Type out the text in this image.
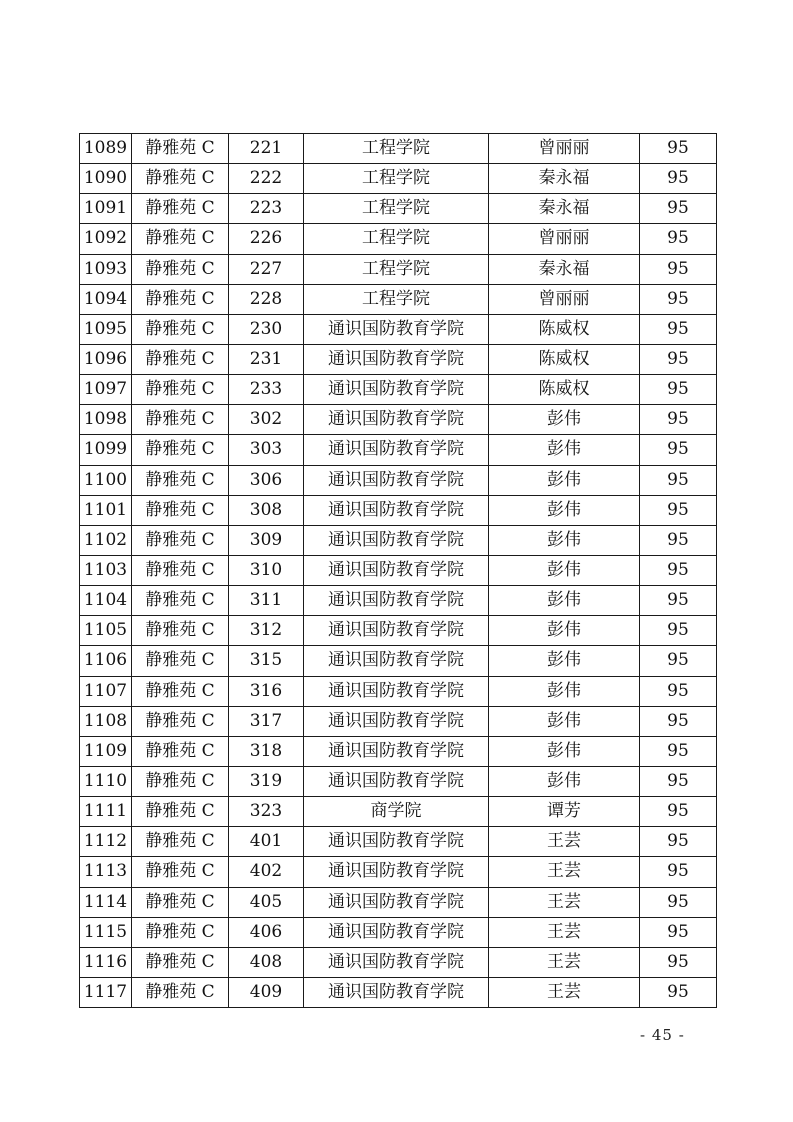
1089	静雅苑 C	221	工程学院	曾丽丽	95
1090	静雅苑 C	222	工程学院	秦永福	95
1091	静雅苑 C	223	工程学院	秦永福	95
1092	静雅苑 C	226	工程学院	曾丽丽	95
1093	静雅苑 C	227	工程学院	秦永福	95
1094	静雅苑 C	228	工程学院	曾丽丽	95
1095	静雅苑 C	230	通识国防教育学院	陈威权	95
1096	静雅苑 C	231	通识国防教育学院	陈威权	95
1097	静雅苑 C	233	通识国防教育学院	陈威权	95
1098	静雅苑 C	302	通识国防教育学院	彭伟	95
1099	静雅苑 C	303	通识国防教育学院	彭伟	95
1100	静雅苑 C	306	通识国防教育学院	彭伟	95
1101	静雅苑 C	308	通识国防教育学院	彭伟	95
1102	静雅苑 C	309	通识国防教育学院	彭伟	95
1103	静雅苑 C	310	通识国防教育学院	彭伟	95
1104	静雅苑 C	311	通识国防教育学院	彭伟	95
1105	静雅苑 C	312	通识国防教育学院	彭伟	95
1106	静雅苑 C	315	通识国防教育学院	彭伟	95
1107	静雅苑 C	316	通识国防教育学院	彭伟	95
1108	静雅苑 C	317	通识国防教育学院	彭伟	95
1109	静雅苑 C	318	通识国防教育学院	彭伟	95
1110	静雅苑 C	319	通识国防教育学院	彭伟	95
1111	静雅苑 C	323	商学院	谭芳	95
1112	静雅苑 C	401	通识国防教育学院	王芸	95
1113	静雅苑 C	402	通识国防教育学院	王芸	95
1114	静雅苑 C	405	通识国防教育学院	王芸	95
1115	静雅苑 C	406	通识国防教育学院	王芸	95
1116	静雅苑 C	408	通识国防教育学院	王芸	95
1117	静雅苑 C	409	通识国防教育学院	王芸	95
- 45 -
